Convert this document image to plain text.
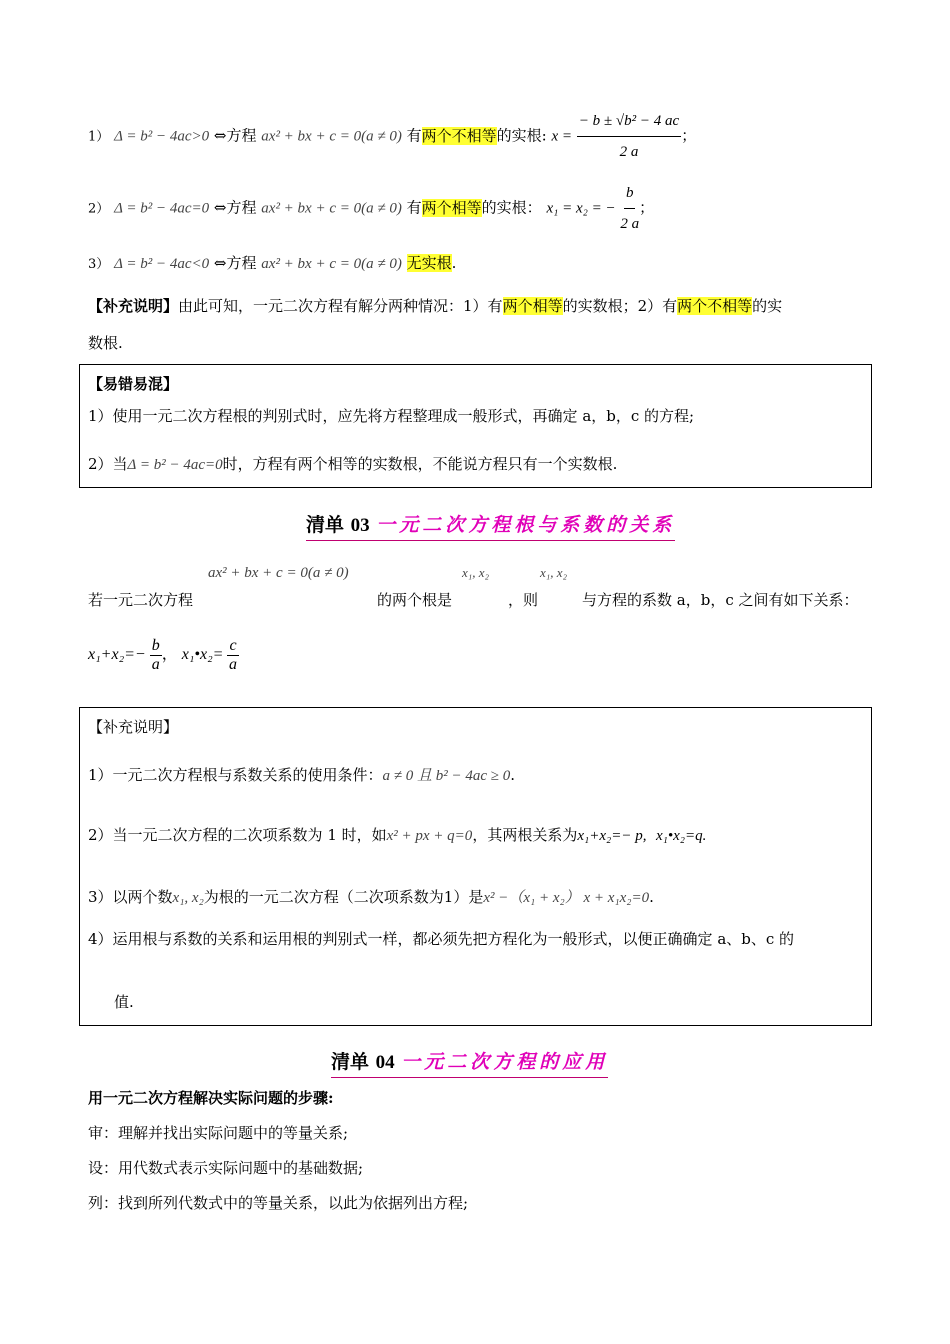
1） Δ = b² − 4ac>0 ⇔方程 ax² + bx + c = 0(a ≠ 0) 有两个不相等的实根: $x = \frac{\text{− b ± √b² − 4 ac}}{2 a}$ ；
2） Δ = b² − 4ac=0 ⇔方程 ax² + bx + c = 0(a ≠ 0) 有两个相等的实根： x₁ = x₂ = − $\frac{b}{2 a}$ ；
3） Δ = b² − 4ac<0 ⇔方程 ax² + bx + c = 0(a ≠ 0) 无实根.
【补充说明】由此可知，一元二次方程有解分两种情况：1）有两个相等的实数根；2）有两个不相等的实
数根.
【易错易混】
1）使用一元二次方程根的判别式时，应先将方程整理成一般形式，再确定 a，b，c 的方程;
2）当Δ = b² − 4ac=0时，方程有两个相等的实数根，不能说方程只有一个实数根.
清单 03 一元二次方程根与系数的关系
ax² + bx + c = 0(a ≠ 0)	x₁, x₂	x₁, x₂
若一元二次方程	的两个根是	，则	与方程的系数 a，b，c 之间有如下关系：
$x_1+x_2=- \frac{b}{a}$ ， x₁•x₂= $\frac{c}{a}$
【补充说明】
1）一元二次方程根与系数关系的使用条件：a ≠ 0 且 b² − 4ac ≥ 0.
2）当一元二次方程的二次项系数为 1 时，如x² + px + q=0，其两根关系为x₁+x₂=− p, x₁•x₂=q.
3）以两个数x₁, x₂为根的一元二次方程（二次项系数为1）是x² −（x₁ + x₂） x + x₁x₂=0.
4）运用根与系数的关系和运用根的判别式一样，都必须先把方程化为一般形式，以便正确确定 a、b、c 的
值.
清单 04 一元二次方程的应用
用一元二次方程解决实际问题的步骤:
审：理解并找出实际问题中的等量关系;
设：用代数式表示实际问题中的基础数据;
列：找到所列代数式中的等量关系，以此为依据列出方程;
